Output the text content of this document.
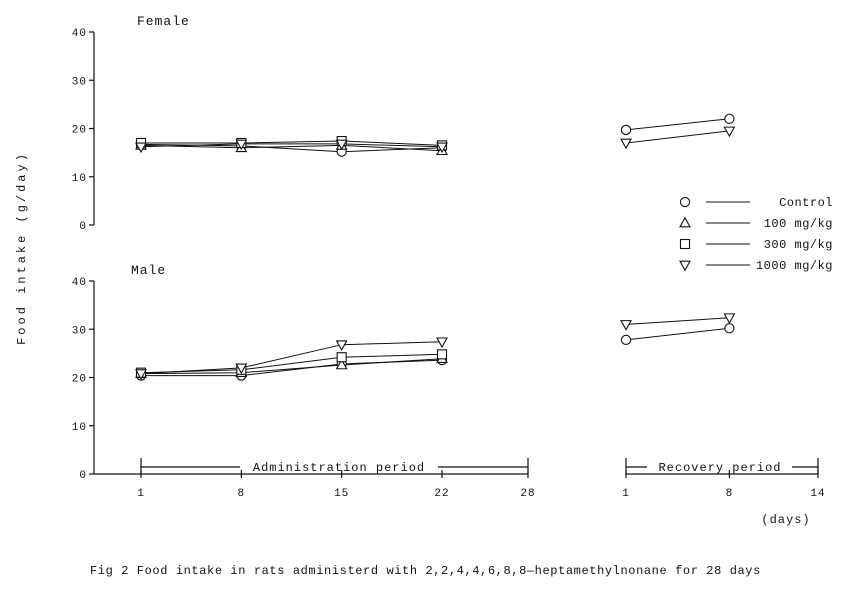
0
10
20
30
40
Female
0
10
20
30
40
Male
1	8	15	22	28
Administration period
1	8	14
Recovery period
Control
100 mg/kg
300 mg/kg
1000 mg/kg
Food intake (g/day)
(days)
Fig 2 Food intake in rats administerd with 2,2,4,4,6,8,8—heptamethylnonane for 28 days
